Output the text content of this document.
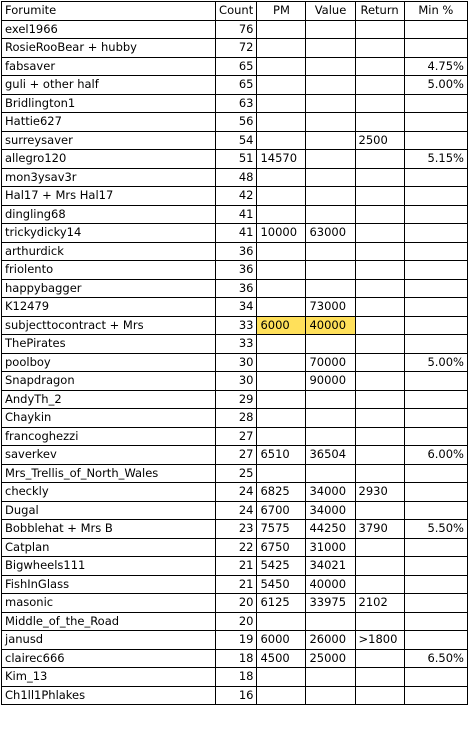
Forumite	Count	PM	Value	Return	Min %
exel1966	76				
RosieRooBear + hubby	72				
fabsaver	65				4.75%
guli + other half	65				5.00%
Bridlington1	63				
Hattie627	56				
surreysaver	54			2500	
allegro120	51	14570			5.15%
mon3ysav3r	48				
Hal17 + Mrs Hal17	42				
dingling68	41				
trickydicky14	41	10000	63000		
arthurdick	36				
friolento	36				
happybagger	36				
K12479	34		73000		
subjecttocontract + Mrs	33	6000	40000		
ThePirates	33				
poolboy	30		70000		5.00%
Snapdragon	30		90000		
AndyTh_2	29				
Chaykin	28				
francoghezzi	27				
saverkev	27	6510	36504		6.00%
Mrs_Trellis_of_North_Wales	25				
checkly	24	6825	34000	2930	
Dugal	24	6700	34000		
Bobblehat + Mrs B	23	7575	44250	3790	5.50%
Catplan	22	6750	31000		
Bigwheels111	21	5425	34021		
FishInGlass	21	5450	40000		
masonic	20	6125	33975	2102	
Middle_of_the_Road	20				
janusd	19	6000	26000	>1800	
clairec666	18	4500	25000		6.50%
Kim_13	18				
Ch1ll1Phlakes	16				
